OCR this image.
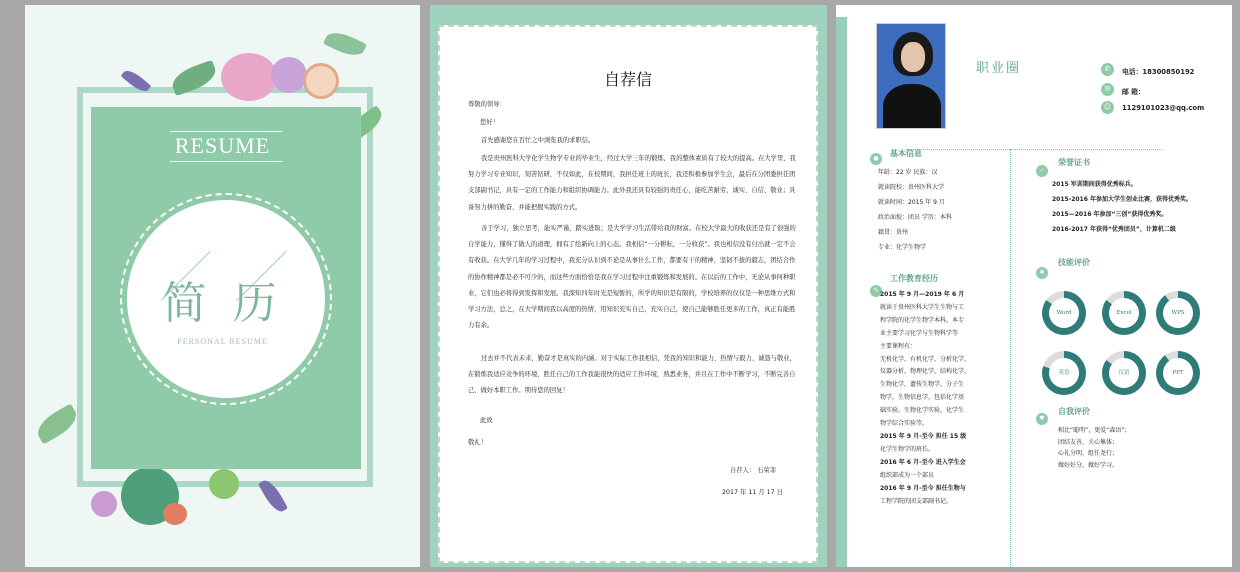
RESUME
简 历
PERSONAL RESUME
自荐信
尊敬的领导：
您好！
首先感谢您在百忙之中浏览我的求职信。
我是贵州医科大学化学生物学专业的毕业生，经过大学三年的锻炼，我的整体素质有了较大的提高。在大学里，我努力学习专业知识，刻苦钻研，不仅如此，在校期间，我担任班上的班长，我还积极参加学生会，最后在分团委担任团支部副书记，具有一定的工作能力和组织协调能力。此外我还具有较强的责任心，能吃苦耐劳，诚实、自信、敬业；具备努力拼的勤奋，并能把握实践的方式。
善于学习，独立思考，能实严谨，踏实进取；是大学学习生活带给我的财富。在校大学最大的收获还是有了很强的自学能力，懂得了做人的道理，拥有了绘新向上的心态。我相信“一分耕耘，一分收获”。我也相信没有付出就一定不会有收获。在大学几年的学习过程中，我充分认识到不论是从事什么工作，都要有干的精神，坚韧不拔的毅志，团结合作的协作精神都是必不可少的，而这些方面恰恰是我在学习过程中注重锻炼和发展的。在以后的工作中，无论从事何种职业，它们也必将得到发挥和发展。我深知四年时光是短暂的，所学的知识是有限的，学校培养的仅仅是一种思维方式和学习方法，总之，在大学期间我以高度的热情，用知识充实自己，充实自己，使自己能够胜任更多的工作，真正有能胜力有余。
过去并不代表未来，勤奋才是真实的内涵。对于实际工作我相信，凭我的知识和能力、热情与毅力、诚恳与敬业，在锻炼我适应竞争的环境，胜任自己的工作我能很快的适应工作环境，熟悉业务，并且在工作中不断学习，不断完善自己，做好本职工作。期待您的回复！
此致
敬礼！
自荐人： 石荣菲
2017 年 11 月 17 日
职业圈	✆	电话：18300850192
✉	邮 箱：
☺	1129101023@qq.com
●
基本信息
年龄：22 岁 民族：汉
就读院校：贵州医科大学
就读时间：2015 年 9 月
政治面貌：团员 学历：本科
籍贯：贵州
专业：化学生物学
✎
工作教育经历
2015 年 9 月—2019 年 6 月
就读于贵州医科大学生生物与工
程学院的化学生物学本科。本专
业主要学习化学与生物科学等
主要课程有：
无机化学，有机化学，分析化学，
仪器分析，物理化学，结构化学，
生物化学，遗传生物学，分子生
物学，生物信息学，包括化学基
础实验，生物化学实验，化学生
物学综合实验等。
2015 年 9 月-至今 担任 15 级
化学生物学的班长。
2016 年 6 月-至今 进入学生会
组织部成为一个部员
2016 年 9 月-至今 担任生物与
工程学院的团支部副书记。
✓
荣誉证书
2015 军训期间获得优秀标兵。
2015-2016 年参加大学生创业比赛，获得优秀奖。
2015—2016 年参加“三创”获得优秀奖。
2016-2017 年获得“优秀团员”，计算机二级
✱
技能评价
Word	Excel	WPS
英语	汉语	PPT
♥
自我评价
相比“聪明”，更爱“森语”；
团结友善，关心集体；
心礼分明，组任尧行；
做好好分，做好学习。
